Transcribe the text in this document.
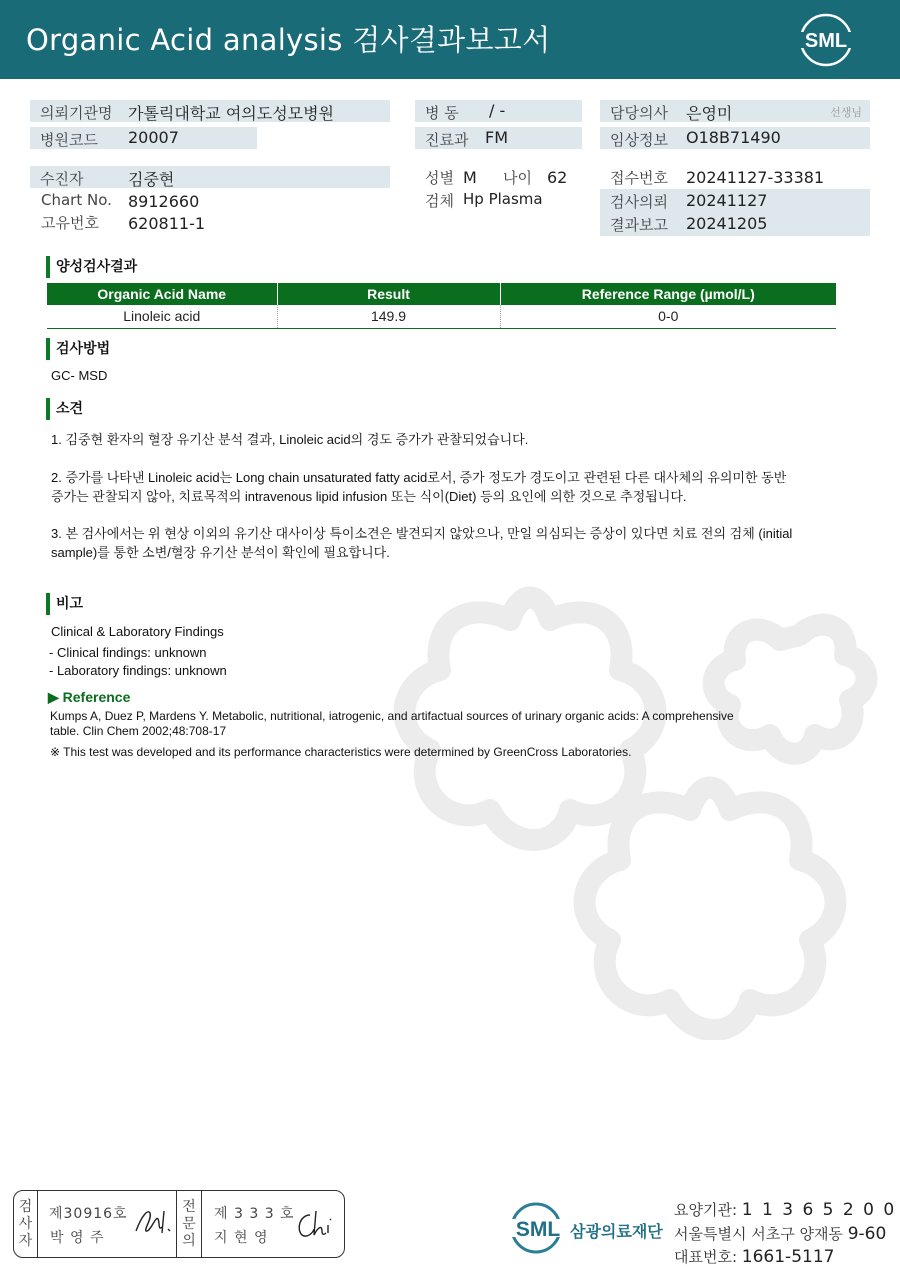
Organic Acid analysis 검사결과보고서	SML
의뢰기관명 가톨릭대학교 여의도성모병원
병원코드 20007
병 동 / -
진료과 FM
담당의사 은영미	선생님
임상정보 O18B71490
수진자	김중현
Chart No. 8912660
고유번호 620811-1
성별 M 나이 62
검체 Hp Plasma
접수번호 20241127-33381
검사의뢰 20241127
결과보고 20241205
양성검사결과
Organic Acid Name	Result	Reference Range (µmol/L)
Linoleic acid	149.9	0-0
검사방법
GC- MSD
소견
1. 김중현 환자의 혈장 유기산 분석 결과, Linoleic acid의 경도 증가가 관찰되었습니다.
2. 증가를 나타낸 Linoleic acid는 Long chain unsaturated fatty acid로서, 증가 정도가 경도이고 관련된 다른 대사체의 유의미한 동반
증가는 관찰되지 않아, 치료목적의 intravenous lipid infusion 또는 식이(Diet) 등의 요인에 의한 것으로 추정됩니다.
3. 본 검사에서는 위 현상 이외의 유기산 대사이상 특이소견은 발견되지 않았으나, 만일 의심되는 증상이 있다면 치료 전의 검체 (initial
sample)를 통한 소변/혈장 유기산 분석이 확인에 필요합니다.
비고
Clinical & Laboratory Findings
- Clinical findings: unknown
- Laboratory findings: unknown
▶ Reference
Kumps A, Duez P, Mardens Y. Metabolic, nutritional, iatrogenic, and artifactual sources of urinary organic acids: A comprehensive
table. Clin Chem 2002;48:708-17
※ This test was developed and its performance characteristics were determined by GreenCross Laboratories.
검
사
자
제30916호
박 영 주
전
문
의
제 3 3 3 호
지 현 영	SML 삼광의료재단
요양기관: 1 1 3 6 5 2 0 0
서울특별시 서초구 양재동 9-60
대표번호: 1661-5117
